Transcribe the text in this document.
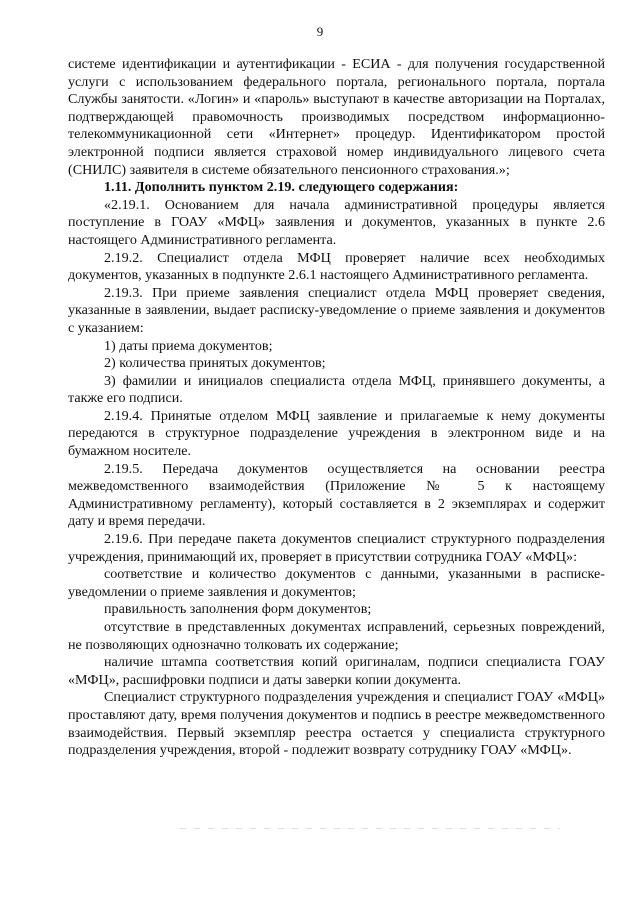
9

системе идентификации и аутентификации - ЕСИА - для получения государственной услуги с использованием федерального портала, регионального портала, портала Службы занятости. «Логин» и «пароль» выступают в качестве авторизации на Порталах, подтверждающей правомочность производимых посредством информационно-телекоммуникационной сети «Интернет» процедур. Идентификатором простой электронной подписи является страховой номер индивидуального лицевого счета (СНИЛС) заявителя в системе обязательного пенсионного страхования.»;

1.11. Дополнить пунктом 2.19. следующего содержания:

«2.19.1. Основанием для начала административной процедуры является поступление в ГОАУ «МФЦ» заявления и документов, указанных в пункте 2.6 настоящего Административного регламента.

2.19.2. Специалист отдела МФЦ проверяет наличие всех необходимых документов, указанных в подпункте 2.6.1 настоящего Административного регламента.

2.19.3. При приеме заявления специалист отдела МФЦ проверяет сведения, указанные в заявлении, выдает расписку-уведомление о приеме заявления и документов с указанием:

1) даты приема документов;

2) количества принятых документов;

3) фамилии и инициалов специалиста отдела МФЦ, принявшего документы, а также его подписи.

2.19.4. Принятые отделом МФЦ заявление и прилагаемые к нему документы передаются в структурное подразделение учреждения в электронном виде и на бумажном носителе.

2.19.5. Передача документов осуществляется на основании реестра межведомственного взаимодействия (Приложение № 5 к настоящему Административному регламенту), который составляется в 2 экземплярах и содержит дату и время передачи.

2.19.6. При передаче пакета документов специалист структурного подразделения учреждения, принимающий их, проверяет в присутствии сотрудника ГОАУ «МФЦ»:

соответствие и количество документов с данными, указанными в расписке-уведомлении о приеме заявления и документов;

правильность заполнения форм документов;

отсутствие в представленных документах исправлений, серьезных повреждений, не позволяющих однозначно толковать их содержание;

наличие штампа соответствия копий оригиналам, подписи специалиста ГОАУ «МФЦ», расшифровки подписи и даты заверки копии документа.

Специалист структурного подразделения учреждения и специалист ГОАУ «МФЦ» проставляют дату, время получения документов и подпись в реестре межведомственного взаимодействия. Первый экземпляр реестра остается у специалиста структурного подразделения учреждения, второй - подлежит возврату сотруднику ГОАУ «МФЦ».
